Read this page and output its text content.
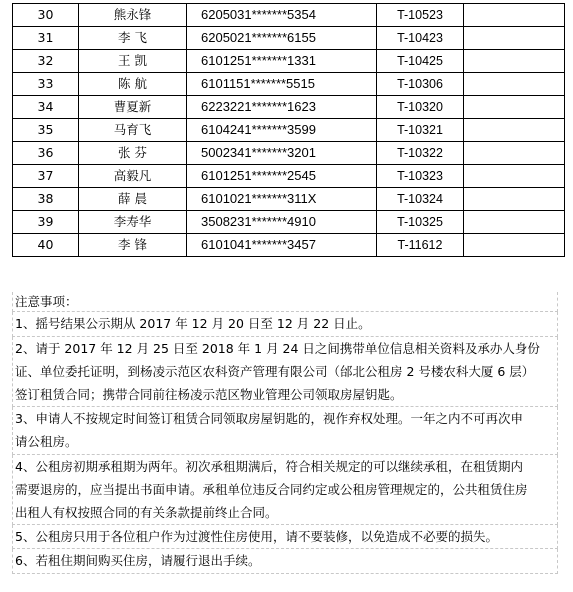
30	熊永锋	6205031*******5354	T-10523	
31	李 飞	6205021*******6155	T-10423	
32	王 凯	6101251*******1331	T-10425	
33	陈 航	6101151*******5515	T-10306	
34	曹夏新	6223221*******1623	T-10320	
35	马育飞	6104241*******3599	T-10321	
36	张 芬	5002341*******3201	T-10322	
37	高毅凡	6101251*******2545	T-10323	
38	薛 晨	6101021*******311X	T-10324	
39	李寿华	3508231*******4910	T-10325	
40	李 锋	6101041*******3457	T-11612	
注意事项：
1、摇号结果公示期从 2017 年 12 月 20 日至 12 月 22 日止。
2、请于 2017 年 12 月 25 日至 2018 年 1 月 24 日之间携带单位信息相关资料及承办人身份
证、单位委托证明，到杨凌示范区农科资产管理有限公司（邰北公租房 2 号楼农科大厦 6 层）
签订租赁合同；携带合同前往杨凌示范区物业管理公司领取房屋钥匙。
3、申请人不按规定时间签订租赁合同领取房屋钥匙的，视作弃权处理。一年之内不可再次申
请公租房。
4、公租房初期承租期为两年。初次承租期满后，符合相关规定的可以继续承租，在租赁期内
需要退房的，应当提出书面申请。承租单位违反合同约定或公租房管理规定的，公共租赁住房
出租人有权按照合同的有关条款提前终止合同。
5、公租房只用于各位租户作为过渡性住房使用，请不要装修，以免造成不必要的损失。
6、若租住期间购买住房，请履行退出手续。
